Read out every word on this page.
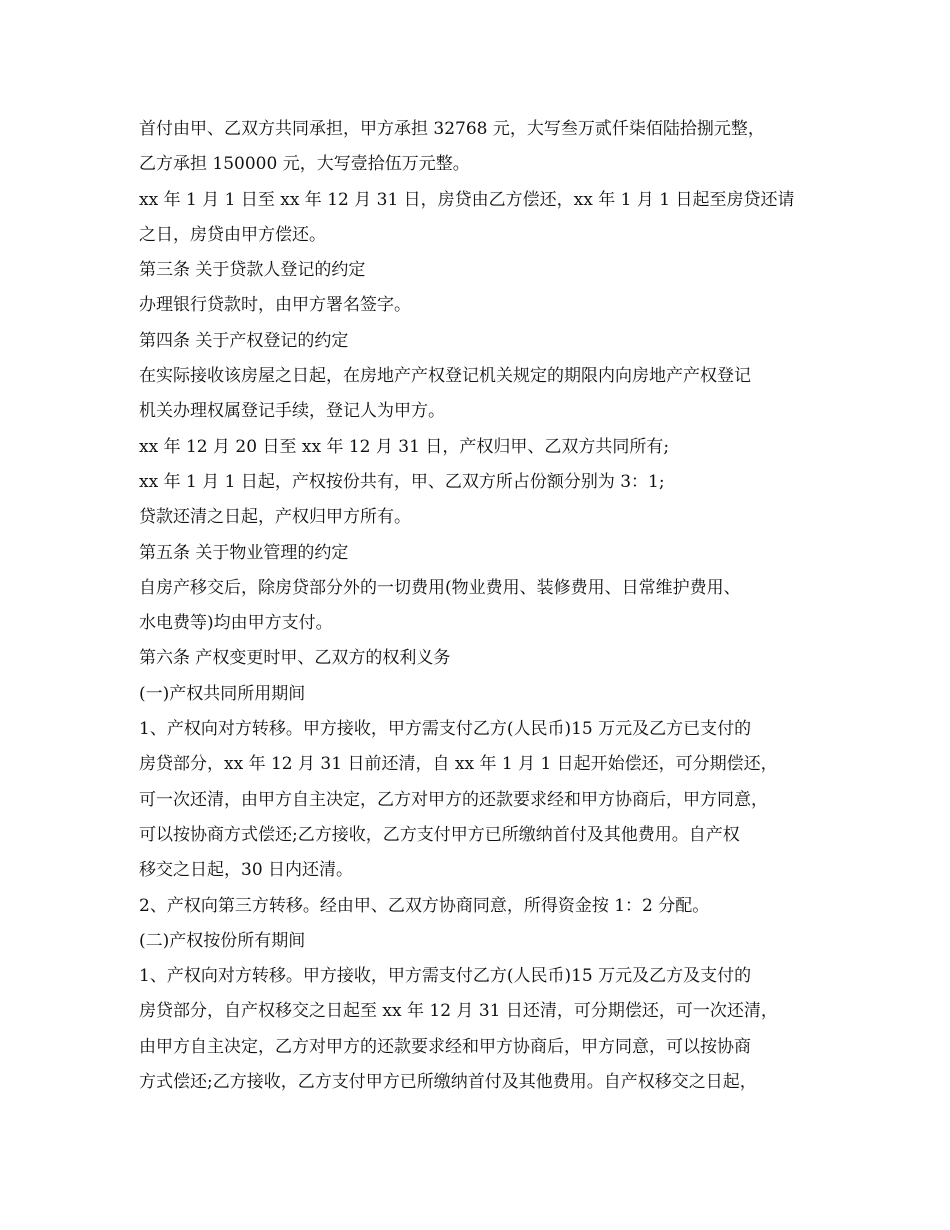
首付由甲、乙双方共同承担，甲方承担 32768 元，大写叁万贰仟柒佰陆拾捌元整，
乙方承担 150000 元，大写壹拾伍万元整。
xx 年 1 月 1 日至 xx 年 12 月 31 日，房贷由乙方偿还，xx 年 1 月 1 日起至房贷还请
之日，房贷由甲方偿还。
第三条 关于贷款人登记的约定
办理银行贷款时，由甲方署名签字。
第四条 关于产权登记的约定
在实际接收该房屋之日起，在房地产产权登记机关规定的期限内向房地产产权登记
机关办理权属登记手续，登记人为甲方。
xx 年 12 月 20 日至 xx 年 12 月 31 日，产权归甲、乙双方共同所有;
xx 年 1 月 1 日起，产权按份共有，甲、乙双方所占份额分别为 3：1;
贷款还清之日起，产权归甲方所有。
第五条 关于物业管理的约定
自房产移交后，除房贷部分外的一切费用(物业费用、装修费用、日常维护费用、
水电费等)均由甲方支付。
第六条 产权变更时甲、乙双方的权利义务
(一)产权共同所用期间
1、产权向对方转移。甲方接收，甲方需支付乙方(人民币)15 万元及乙方已支付的
房贷部分，xx 年 12 月 31 日前还清，自 xx 年 1 月 1 日起开始偿还，可分期偿还，
可一次还清，由甲方自主决定，乙方对甲方的还款要求经和甲方协商后，甲方同意，
可以按协商方式偿还;乙方接收，乙方支付甲方已所缴纳首付及其他费用。自产权
移交之日起，30 日内还清。
2、产权向第三方转移。经由甲、乙双方协商同意，所得资金按 1：2 分配。
(二)产权按份所有期间
1、产权向对方转移。甲方接收，甲方需支付乙方(人民币)15 万元及乙方及支付的
房贷部分，自产权移交之日起至 xx 年 12 月 31 日还清，可分期偿还，可一次还清，
由甲方自主决定，乙方对甲方的还款要求经和甲方协商后，甲方同意，可以按协商
方式偿还;乙方接收，乙方支付甲方已所缴纳首付及其他费用。自产权移交之日起，
